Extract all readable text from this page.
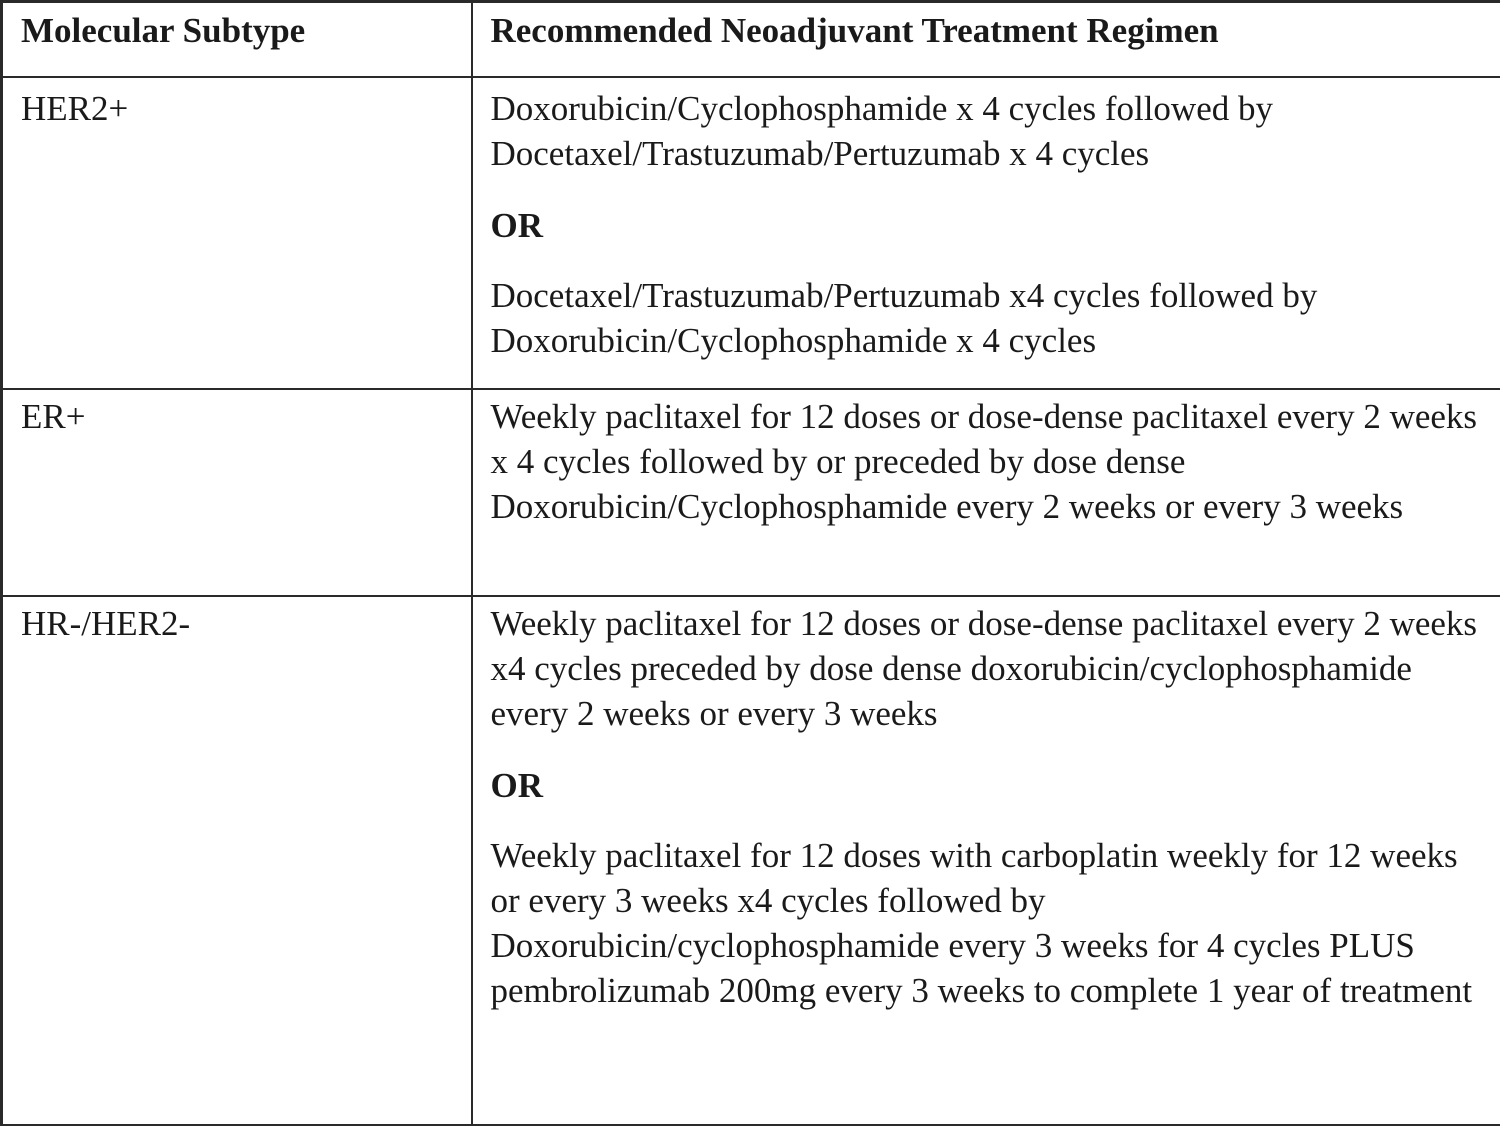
Molecular Subtype	Recommended Neoadjuvant Treatment Regimen
HER2+	Doxorubicin/Cyclophosphamide x 4 cycles followed by Docetaxel/Trastuzumab/Pertuzumab x 4 cycles

OR

Docetaxel/Trastuzumab/Pertuzumab x4 cycles followed by Doxorubicin/Cyclophosphamide x 4 cycles

ER+	Weekly paclitaxel for 12 doses or dose-dense paclitaxel every 2 weeks x 4 cycles followed by or preceded by dose dense Doxorubicin/Cyclophosphamide every 2 weeks or every 3 weeks

HR-/HER2-	Weekly paclitaxel for 12 doses or dose-dense paclitaxel every 2 weeks x4 cycles preceded by dose dense doxorubicin/cyclophosphamide every 2 weeks or every 3 weeks

OR

Weekly paclitaxel for 12 doses with carboplatin weekly for 12 weeks or every 3 weeks x4 cycles followed by Doxorubicin/cyclophosphamide every 3 weeks for 4 cycles PLUS pembrolizumab 200mg every 3 weeks to complete 1 year of treatment
